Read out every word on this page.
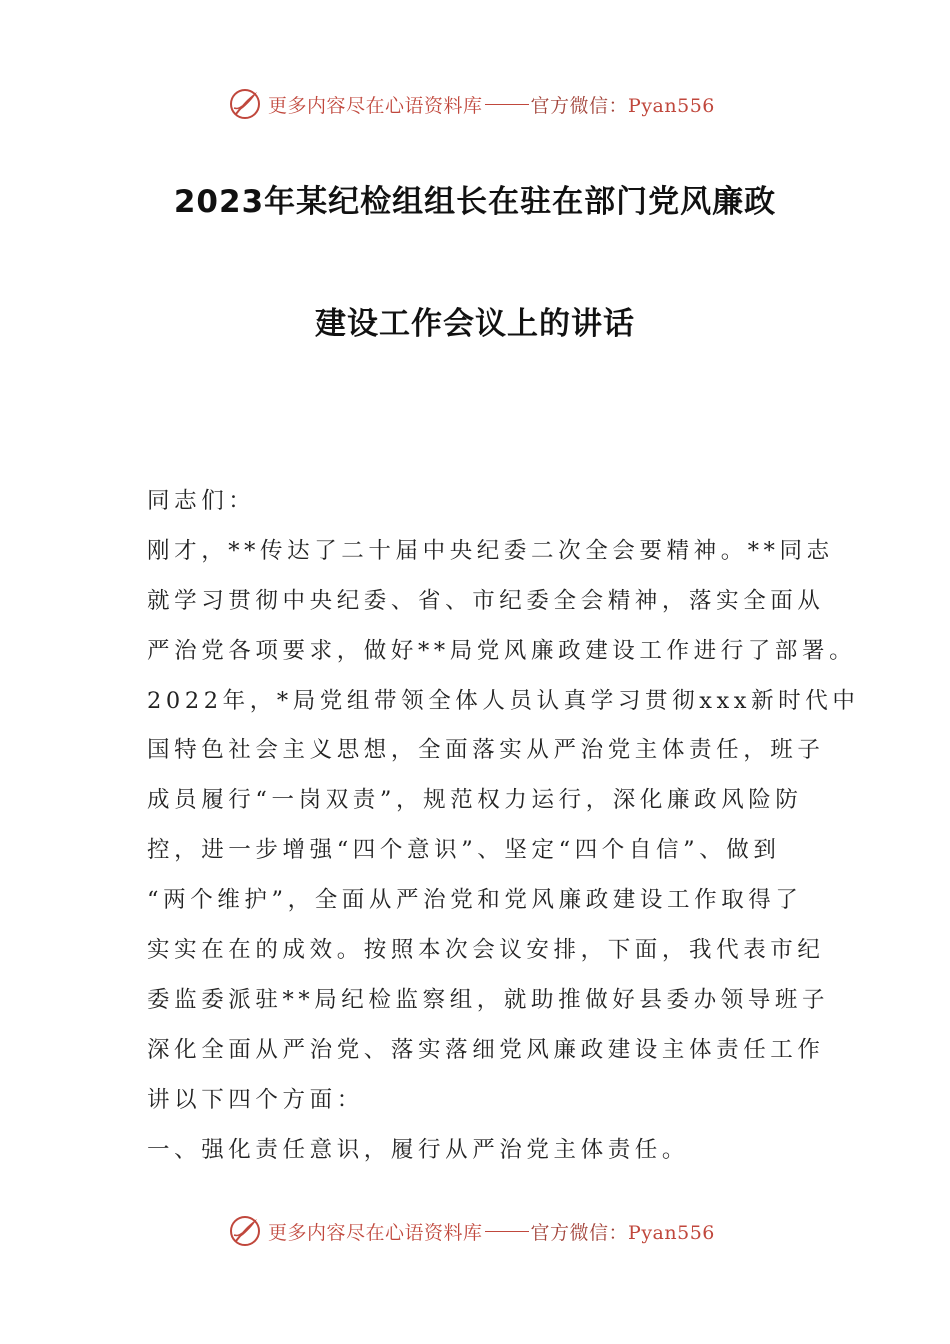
更多内容尽在心语资料库	官方微信：Pyan556
2023年某纪检组组长在驻在部门党风廉政
建设工作会议上的讲话
同志们：
刚才，**传达了二十届中央纪委二次全会要精神。**同志
就学习贯彻中央纪委、省、市纪委全会精神，落实全面从
严治党各项要求，做好**局党风廉政建设工作进行了部署。
2022年，*局党组带领全体人员认真学习贯彻xxx新时代中
国特色社会主义思想，全面落实从严治党主体责任，班子
成员履行“一岗双责”，规范权力运行，深化廉政风险防
控，进一步增强“四个意识”、坚定“四个自信”、做到
“两个维护”，全面从严治党和党风廉政建设工作取得了
实实在在的成效。按照本次会议安排，下面，我代表市纪
委监委派驻**局纪检监察组，就助推做好县委办领导班子
深化全面从严治党、落实落细党风廉政建设主体责任工作
讲以下四个方面：
一、强化责任意识，履行从严治党主体责任。
更多内容尽在心语资料库	官方微信：Pyan556
